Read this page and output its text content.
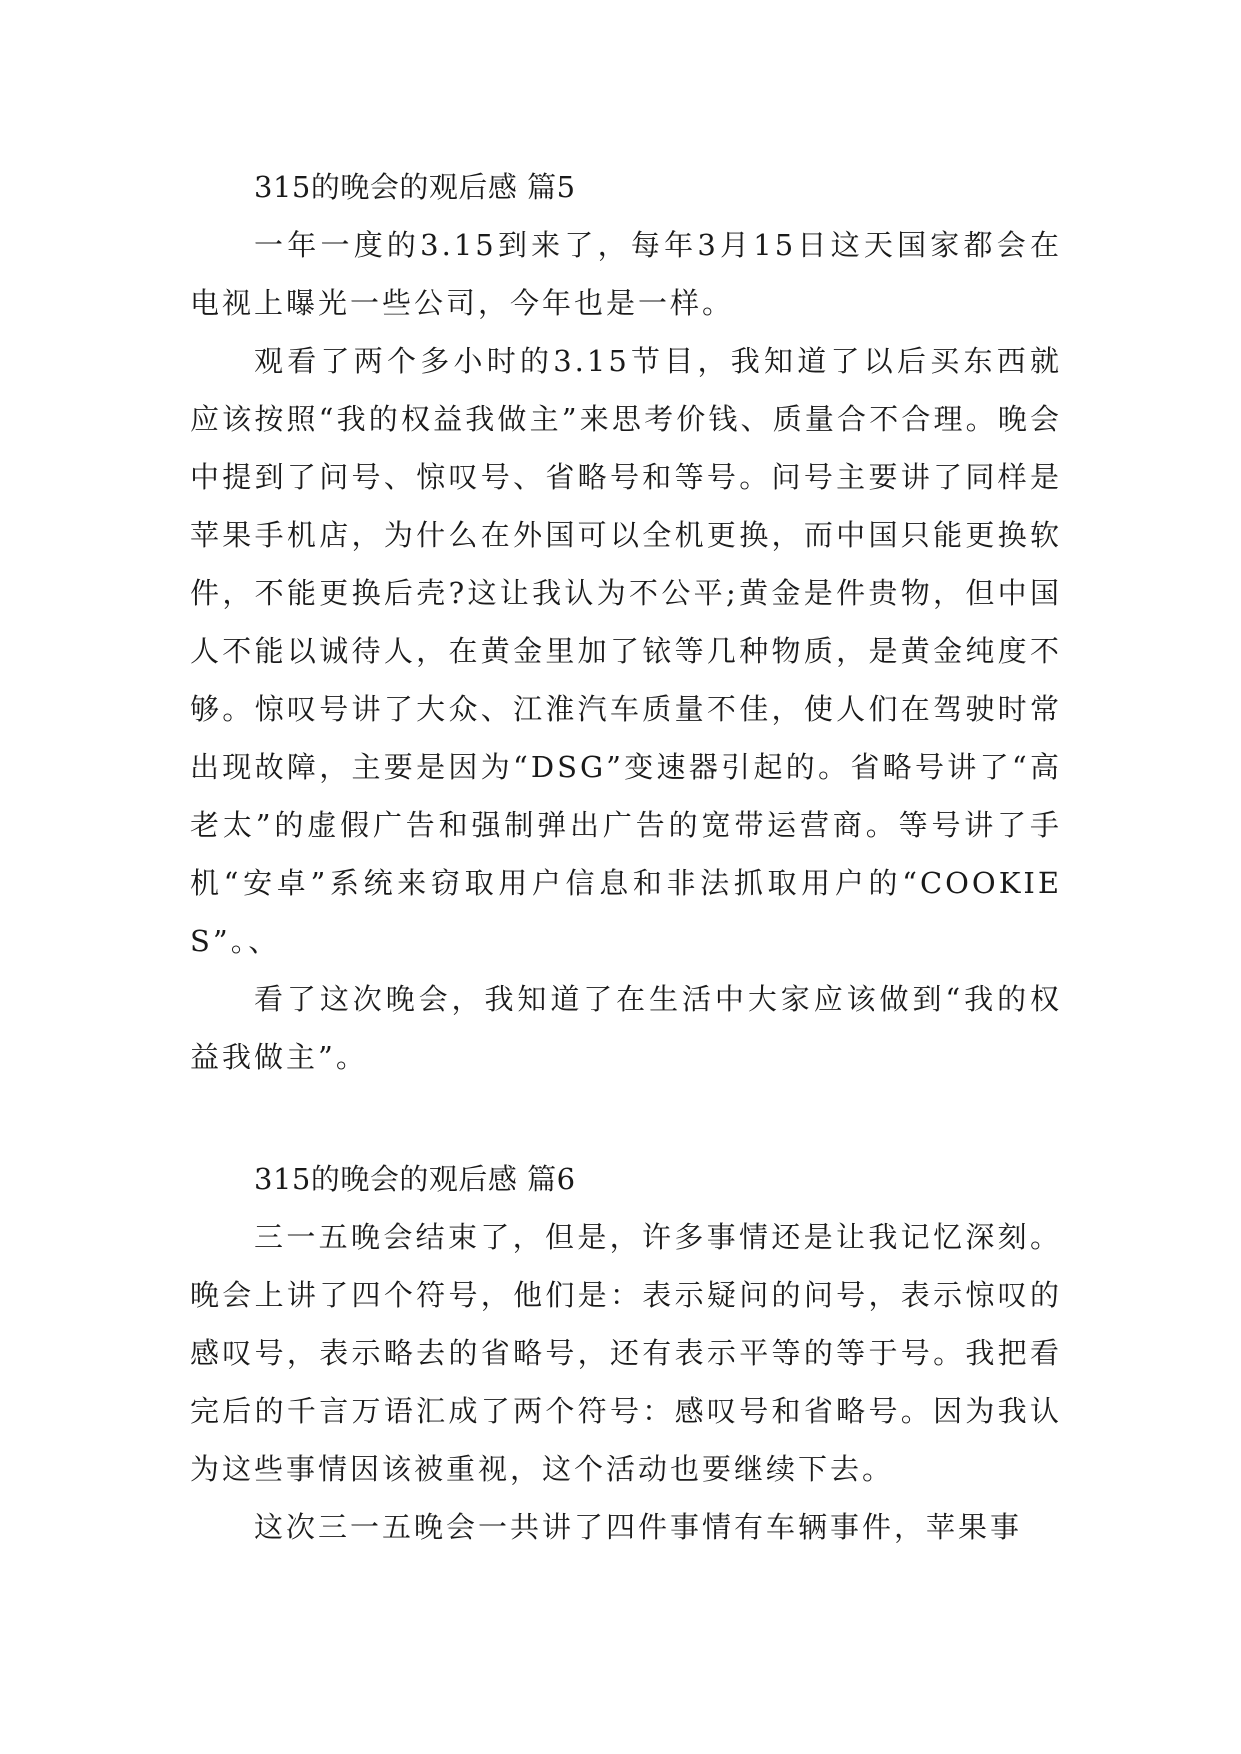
315的晚会的观后感 篇5

一年一度的3.15到来了，每年3月15日这天国家都会在电视上曝光一些公司，今年也是一样。

观看了两个多小时的3.15节目，我知道了以后买东西就应该按照“我的权益我做主”来思考价钱、质量合不合理。晚会中提到了问号、惊叹号、省略号和等号。问号主要讲了同样是苹果手机店，为什么在外国可以全机更换，而中国只能更换软件，不能更换后壳?这让我认为不公平;黄金是件贵物，但中国人不能以诚待人，在黄金里加了铱等几种物质，是黄金纯度不够。惊叹号讲了大众、江淮汽车质量不佳，使人们在驾驶时常出现故障，主要是因为“DSG”变速器引起的。省略号讲了“高老太”的虚假广告和强制弹出广告的宽带运营商。等号讲了手机“安卓”系统来窃取用户信息和非法抓取用户的“COOKIES”。、

看了这次晚会，我知道了在生活中大家应该做到“我的权益我做主”。

315的晚会的观后感 篇6

三一五晚会结束了，但是，许多事情还是让我记忆深刻。晚会上讲了四个符号，他们是：表示疑问的问号，表示惊叹的感叹号，表示略去的省略号，还有表示平等的等于号。我把看完后的千言万语汇成了两个符号：感叹号和省略号。因为我认为这些事情因该被重视，这个活动也要继续下去。

这次三一五晚会一共讲了四件事情有车辆事件，苹果事
